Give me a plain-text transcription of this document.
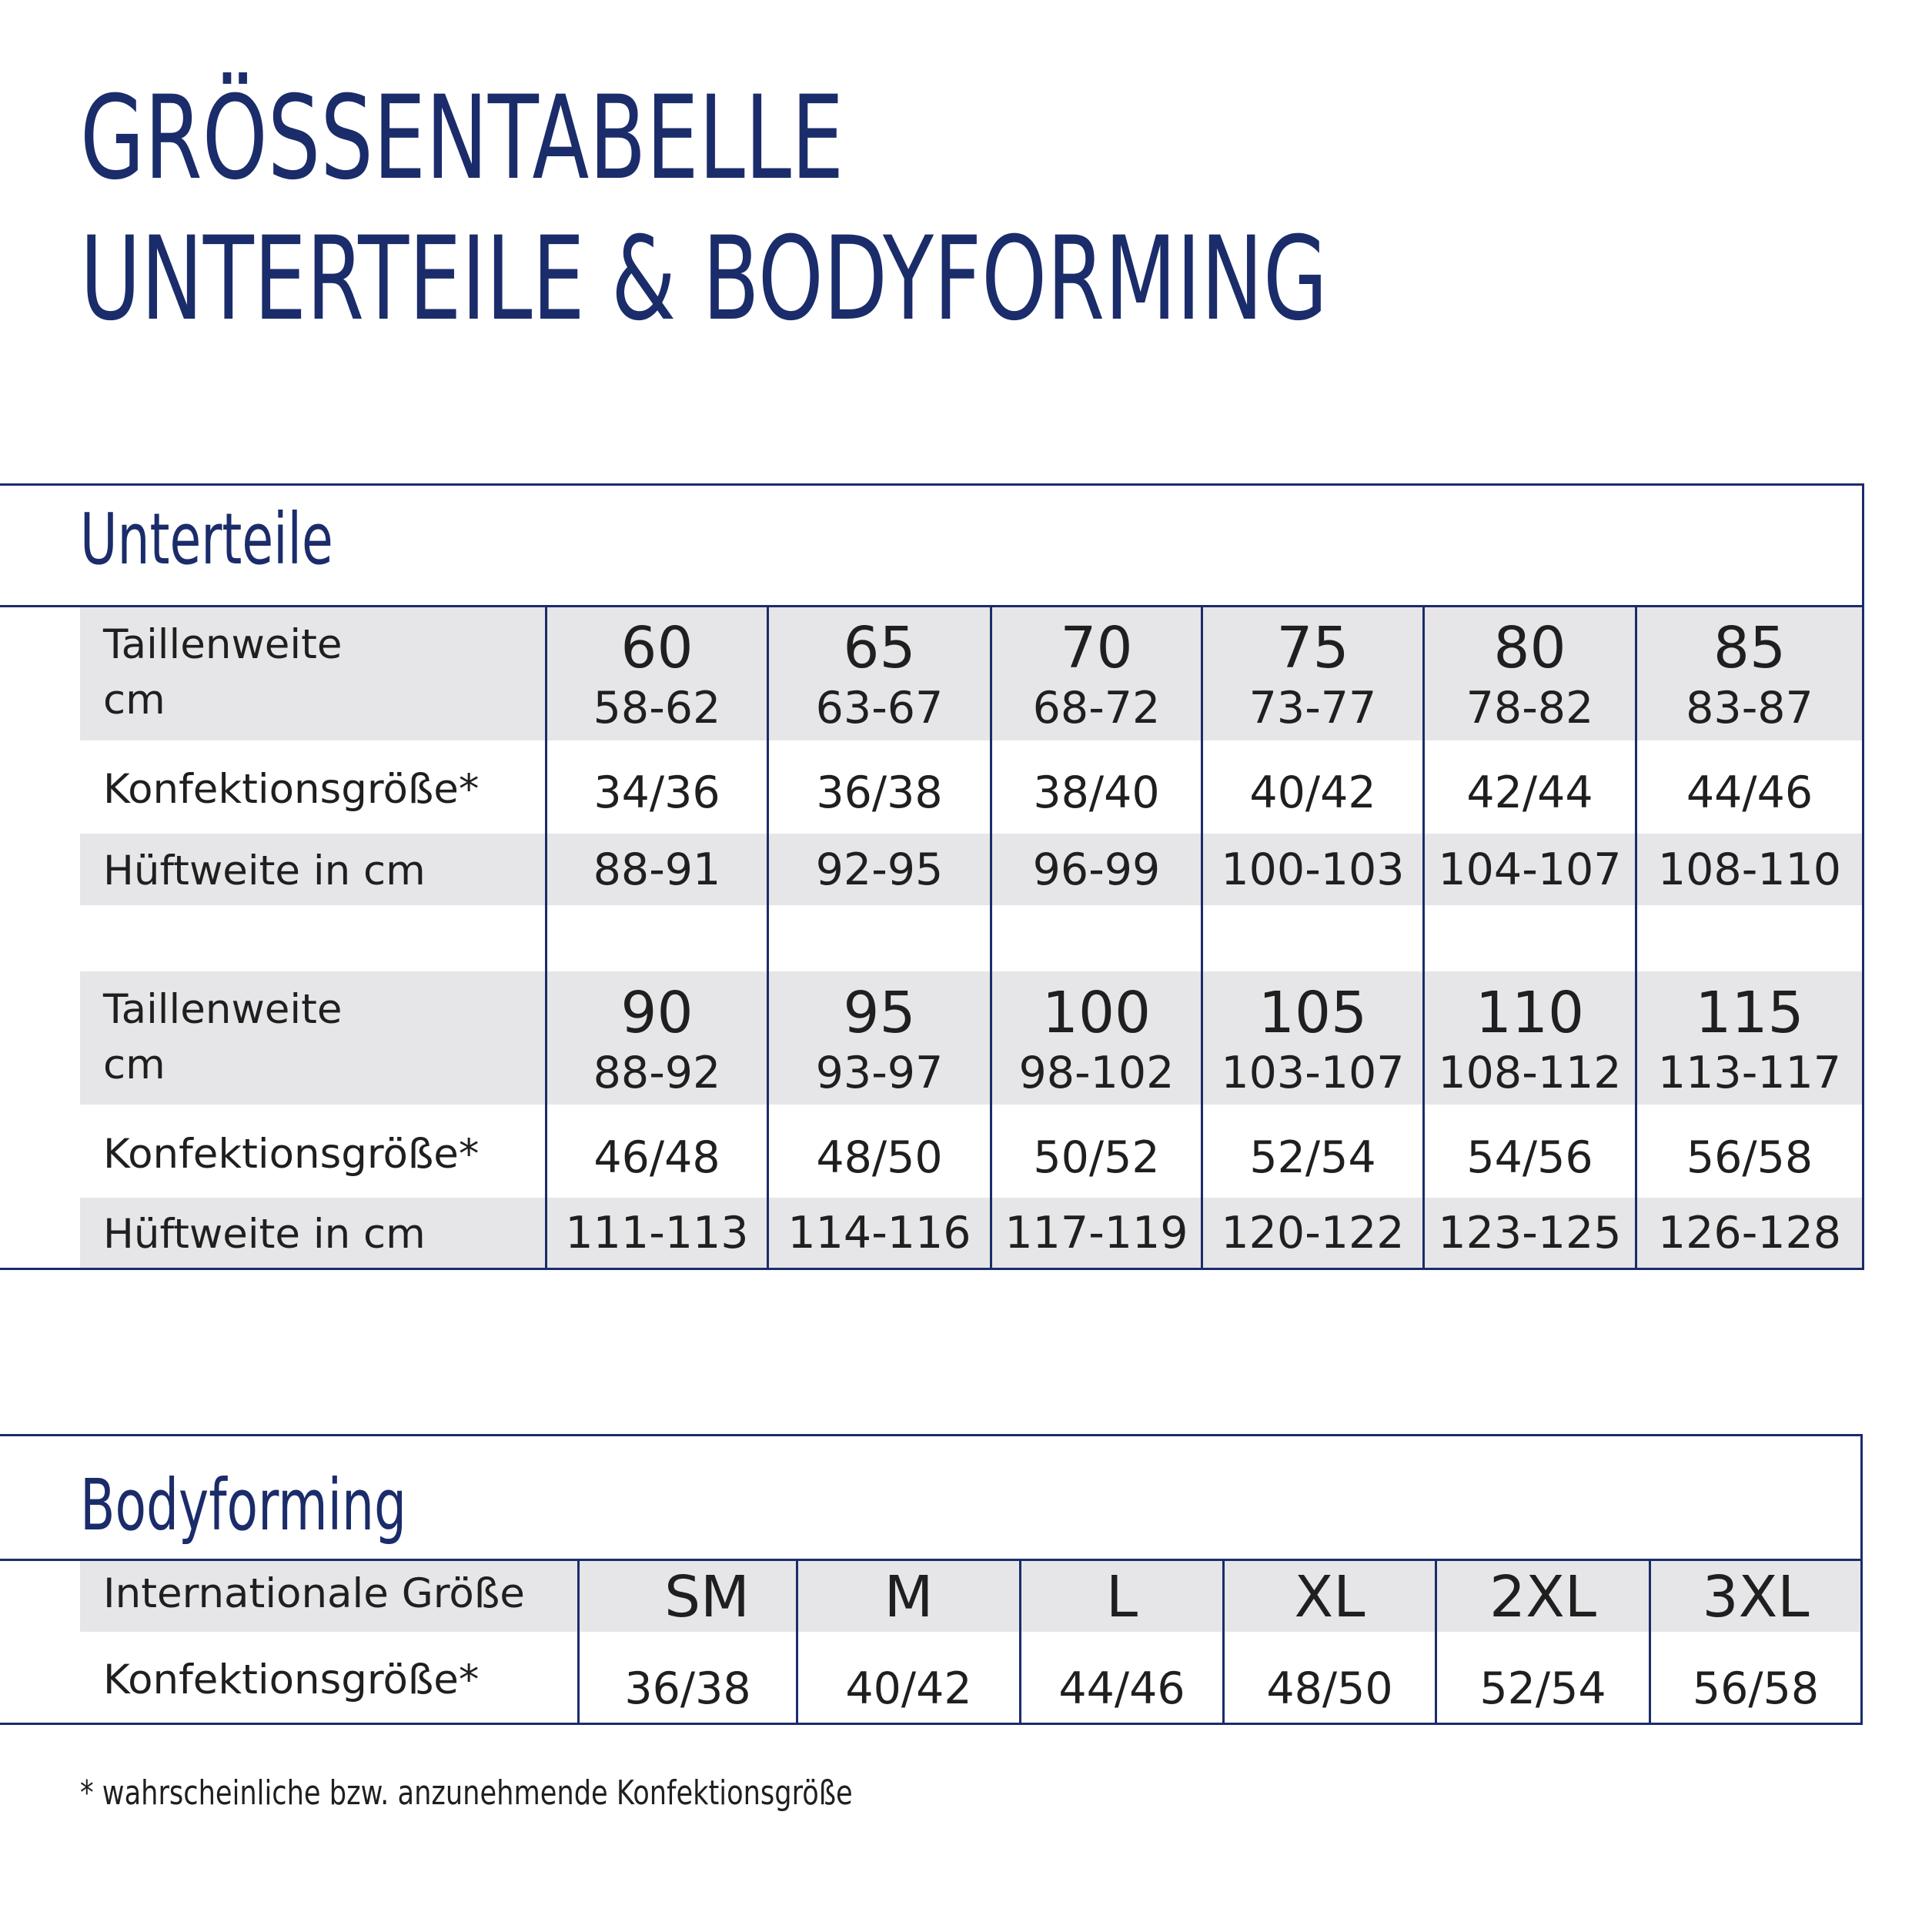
GRÖSSENTABELLE
UNTERTEILE & BODYFORMING
Unterteile
Taillenweite
cm
Konfektionsgröße*
Hüftweite in cm
Taillenweite
cm
Konfektionsgröße*
Hüftweite in cm
60
58-62
34/36
88-91
65
63-67
36/38
92-95
70
68-72
38/40
96-99
75
73-77
40/42
100-103
80
78-82
42/44
104-107
85
83-87
44/46
108-110
90
88-92
46/48
111-113
95
93-97
48/50
114-116
100
98-102
50/52
117-119
105
103-107
52/54
120-122
110
108-112
54/56
123-125
115
113-117
56/58
126-128
Bodyforming
Internationale Größe
Konfektionsgröße*
SM
36/38
M
40/42
L
44/46
XL
48/50
2XL
52/54
3XL
56/58

* wahrscheinliche bzw. anzunehmende Konfektionsgröße
